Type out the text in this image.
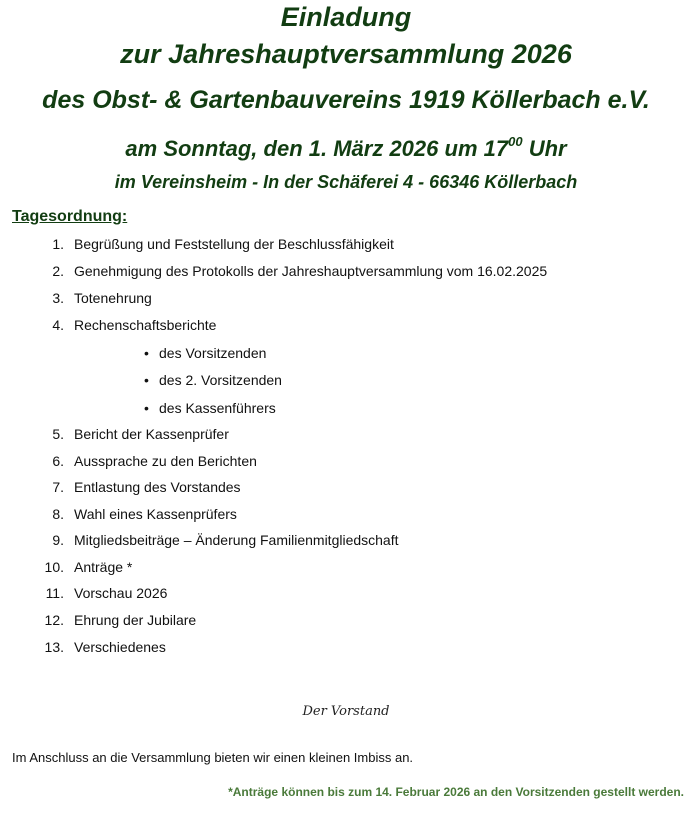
Einladung
zur Jahreshauptversammlung 2026
des Obst- & Gartenbauvereins 1919 Köllerbach e.V.
am Sonntag, den 1. März 2026 um $17^{00}$ Uhr
im Vereinsheim - In der Schäferei 4 - 66346 Köllerbach
Tagesordnung:
1. Begrüßung und Feststellung der Beschlussfähigkeit
2. Genehmigung des Protokolls der Jahreshauptversammlung vom 16.02.2025
3. Totenehrung
4. Rechenschaftsberichte
• des Vorsitzenden
• des 2. Vorsitzenden
• des Kassenführers
5. Bericht der Kassenprüfer
6. Aussprache zu den Berichten
7. Entlastung des Vorstandes
8. Wahl eines Kassenprüfers
9. Mitgliedsbeiträge – Änderung Familienmitgliedschaft
10. Anträge *
11. Vorschau 2026
12. Ehrung der Jubilare
13. Verschiedenes
Der Vorstand
Im Anschluss an die Versammlung bieten wir einen kleinen Imbiss an.
*Anträge können bis zum 14. Februar 2026 an den Vorsitzenden gestellt werden.
